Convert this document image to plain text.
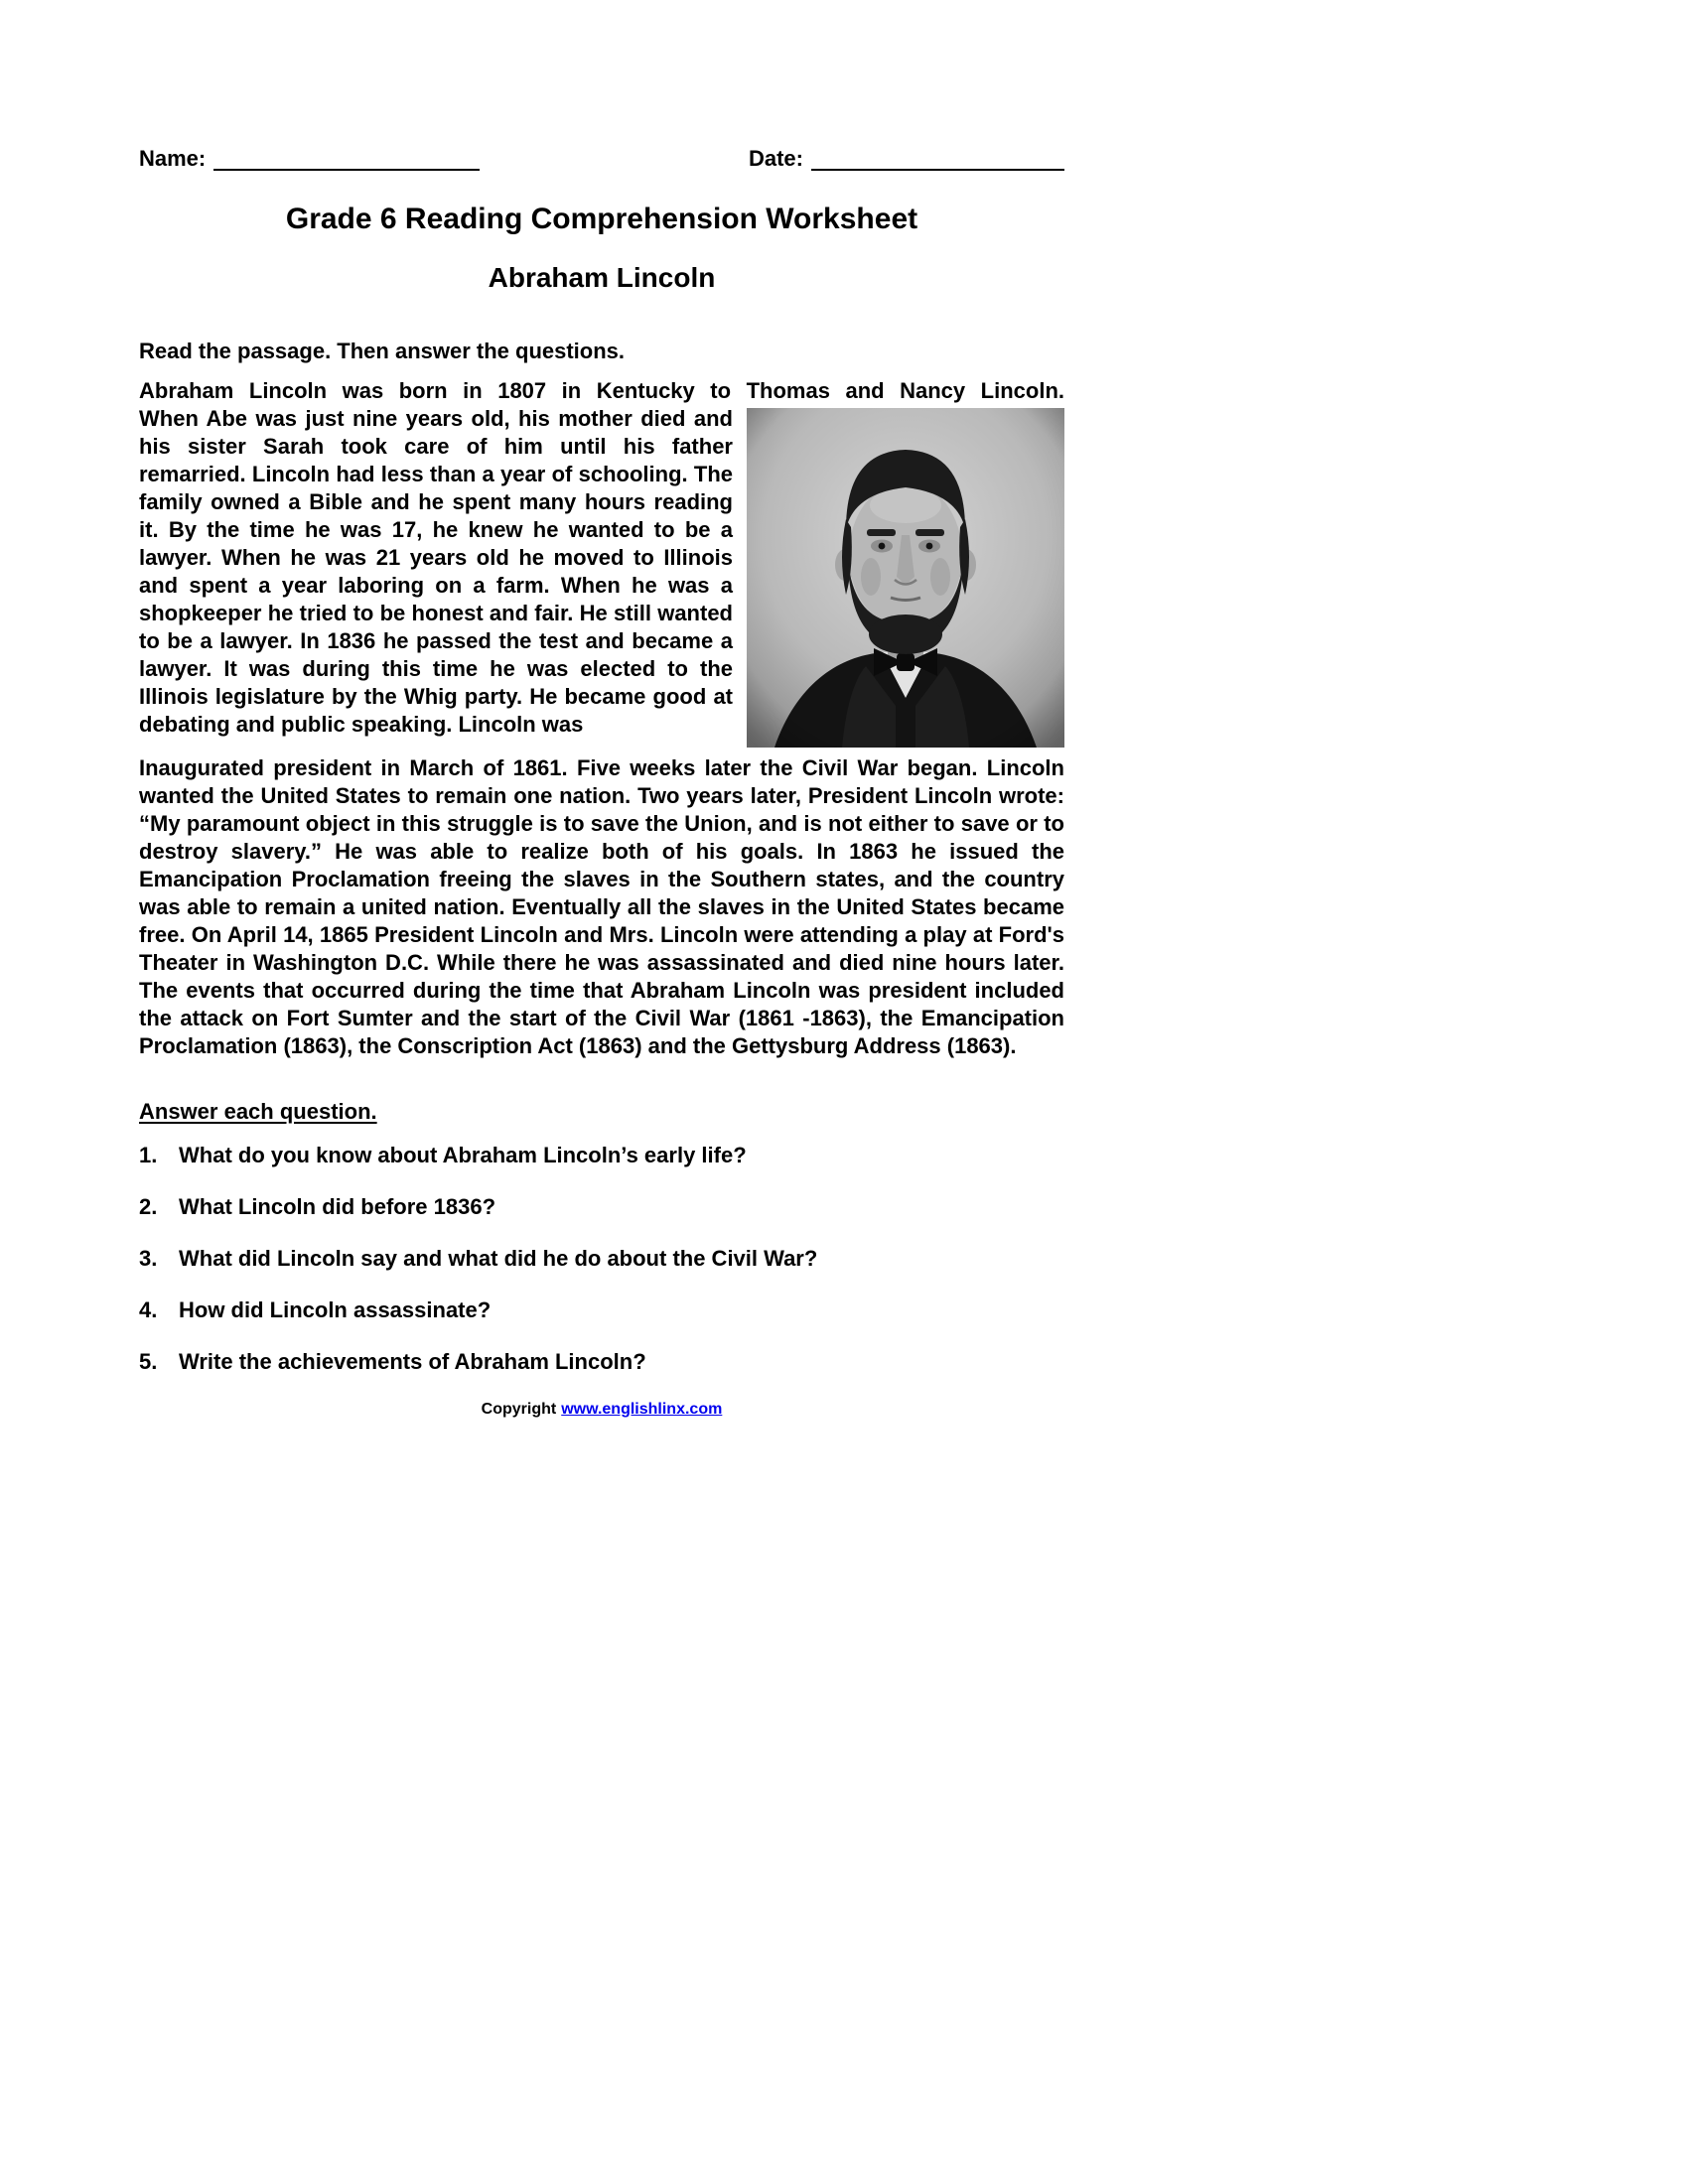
Name:	Date:
Grade 6 Reading Comprehension Worksheet
Abraham Lincoln
Read the passage. Then answer the questions.
Abraham Lincoln was born in 1807 in Kentucky to Thomas and Nancy Lincoln.
When Abe was just nine years old, his mother died and his sister Sarah took care of him until his father remarried. Lincoln had less than a year of schooling. The family owned a Bible and he spent many hours reading it. By the time he was 17, he knew he wanted to be a lawyer. When he was 21 years old he moved to Illinois and spent a year laboring on a farm. When he was a shopkeeper he tried to be honest and fair. He still wanted to be a lawyer. In 1836 he passed the test and became a lawyer. It was during this time he was elected to the Illinois legislature by the Whig party. He became good at debating and public speaking. Lincoln was
Inaugurated president in March of 1861. Five weeks later the Civil War began. Lincoln wanted the United States to remain one nation. Two years later, President Lincoln wrote: “My paramount object in this struggle is to save the Union, and is not either to save or to destroy slavery.” He was able to realize both of his goals. In 1863 he issued the Emancipation Proclamation freeing the slaves in the Southern states, and the country was able to remain a united nation. Eventually all the slaves in the United States became free. On April 14, 1865 President Lincoln and Mrs. Lincoln were attending a play at Ford's Theater in Washington D.C. While there he was assassinated and died nine hours later. The events that occurred during the time that Abraham Lincoln was president included the attack on Fort Sumter and the start of the Civil War (1861 -1863), the Emancipation Proclamation (1863), the Conscription Act (1863) and the Gettysburg Address (1863).
Answer each question.
1. What do you know about Abraham Lincoln’s early life?
2. What Lincoln did before 1836?
3. What did Lincoln say and what did he do about the Civil War?
4. How did Lincoln assassinate?
5. Write the achievements of Abraham Lincoln?
Copyright www.englishlinx.com
